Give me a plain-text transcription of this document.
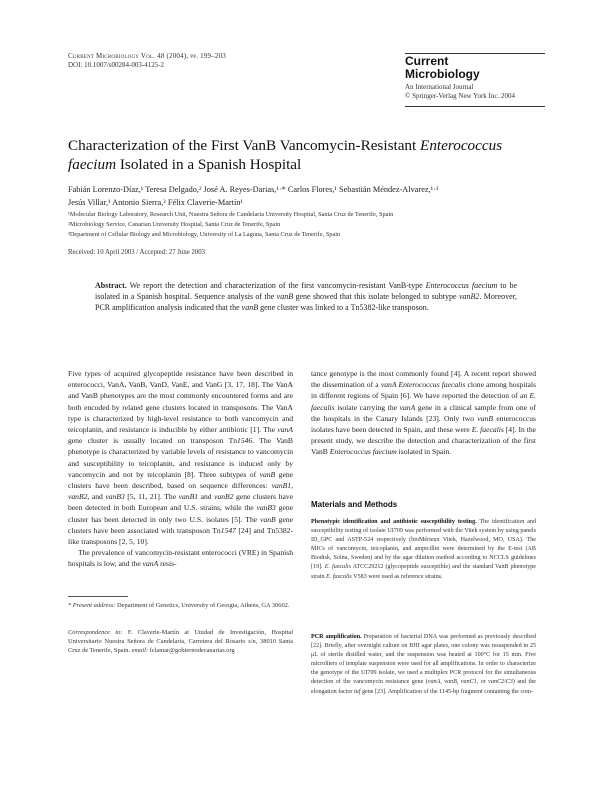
Current Microbiology Vol. 48 (2004), pp. 199–203
DOI: 10.1007/s00284-003-4125-2	Current
Microbiology
An International Journal
© Springer-Verlag New York Inc. 2004
Characterization of the First VanB Vancomycin-Resistant Enterococcus faecium Isolated in a Spanish Hospital
Fabián Lorenzo-Díaz,¹ Teresa Delgado,² José A. Reyes-Darias,¹·* Carlos Flores,¹ Sebastián Méndez-Alvarez,¹·³
Jesús Villar,¹ Antonio Sierra,² Félix Claverie-Martín¹
¹Molecular Biology Laboratory, Research Unit, Nuestra Señora de Candelaria University Hospital, Santa Cruz de Tenerife, Spain
²Microbiology Service, Canarian University Hospital, Santa Cruz de Tenerife, Spain
³Department of Cellular Biology and Microbiology, University of La Laguna, Santa Cruz de Tenerife, Spain
Received: 10 April 2003 / Accepted: 27 June 2003

Abstract. We report the detection and characterization of the first vancomycin-resistant VanB-type Enterococcus faecium to be isolated in a Spanish hospital. Sequence analysis of the vanB gene showed that this isolate belonged to subtype vanB2. Moreover, PCR amplification analysis indicated that the vanB gene cluster was linked to a Tn5382-like transposon.

Five types of acquired glycopeptide resistance have been described in enterococci, VanA, VanB, VanD, VanE, and VanG [3, 17, 18]. The VanA and VanB phenotypes are the most commonly encountered forms and are both encoded by related gene clusters located in transposons. The VanA type is characterized by high-level resistance to both vancomycin and teicoplanin, and resistance is inducible by either antibiotic [1]. The vanA gene cluster is usually located on transposon Tn1546. The VanB phenotype is characterized by variable levels of resistance to vancomycin and susceptibility to teicoplanin, and resistance is induced only by vancomycin and not by teicoplanin [8]. Three subtypes of vanB gene clusters have been described, based on sequence differences: vanB1, vanB2, and vanB3 [5, 11, 21]. The vanB1 and vanB2 gene clusters have been detected in both European and U.S. strains, while the vanB3 gene cluster has been detected in only two U.S. isolates [5]. The vanB gene clusters have been associated with transposon Tn1547 [24] and Tn5382-like transposons [2, 5, 10].

The prevalence of vancomycin-resistant enterococci (VRE) in Spanish hospitals is low, and the vanA resis-

* Present address: Department of Genetics, University of Georgia, Athens, GA 30602.

Correspondence to: F. Claverie-Martín at Unidad de Investigación, Hospital Universitario Nuestra Señora de Candelaria, Carretera del Rosario s/n, 38010 Santa Cruz de Tenerife, Spain. email: fclamar@gobiernodecanarias.org

tance genotype is the most commonly found [4]. A recent report showed the dissemination of a vanA Enterococcus faecalis clone among hospitals in different regions of Spain [6]. We have reported the detection of an E. faecalis isolate carrying the vanA gene in a clinical sample from one of the hospitals in the Canary Islands [23]. Only two vanB enterococcus isolates have been detected in Spain, and these were E. faecalis [4]. In the present study, we describe the detection and characterization of the first VanB Enterococcus faecium isolated in Spain.

Materials and Methods

Phenotypic identification and antibiotic susceptibility testing. The identification and susceptibility testing of isolate UI709 was performed with the Vitek system by using panels ID_GPC and ASTP-524 respectively (bioMérieux Vitek, Hazelwood, MO, USA). The MICs of vancomycin, teicoplanin, and ampicillin were determined by the E-test (AB Biodisk, Solna, Sweden) and by the agar dilution method according to NCCLS guidelines [19]. E. faecalis ATCC29212 (glycopeptide susceptible) and the standard VanB phenotype strain E. faecalis V583 were used as reference strains.

PCR amplification. Preparation of bacterial DNA was performed as previously described [22]. Briefly, after overnight culture on BHI agar plates, one colony was resuspended in 25 μL of sterile distilled water, and the suspension was heated at 100°C for 15 min. Five microliters of template suspension were used for all amplifications. In order to characterize the genotype of the UI709 isolate, we used a multiplex PCR protocol for the simultaneous detection of the vancomycin resistance gene (vanA, vanB, vanC1, or vanC2/C3) and the elongation factor tuf gene [23]. Amplification of the 1145-bp fragment containing the com-
